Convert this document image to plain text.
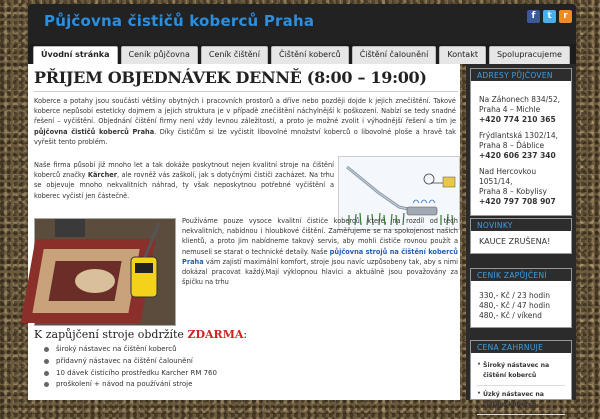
Půjčovna čističů koberců Praha	f	t	r
Úvodní stránka	Ceník půjčovna	Ceník čištění	Čištění koberců	Čištění čalounění	Kontakt	Spolupracujeme
PŘIJEM OBJEDNÁVEK DENNĚ (8:00 – 19:00)

Koberce a potahy jsou součástí většiny obytných i pracovních prostorů a dříve nebo později dojde k jejich znečištění. Takové koberce nepůsobí esteticky dojmem a jejich struktura je v případě znečištění náchylnější k poškození. Nabízí se tedy snadné řešení – vyčištění. Objednání čištění firmy není vždy levnou záležitostí, a proto je možné zvolit i výhodnější řešení a tím je půjčovna čističů koberců Praha. Díky čističům si lze vyčistit libovolné množství koberců o libovolné ploše a hravě tak vyřešit tento problém.

Naše firma působí již mnoho let a tak dokáže poskytnout nejen kvalitní stroje na čištění koberců značky Kärcher, ale rovněž vás zaškolí, jak s dotyčnými čističi zacházet. Na trhu se objevuje mnoho nekvalitních náhrad, ty však neposkytnou potřebné vyčištění a koberec vyčistí jen částečně.

Používáme pouze vysoce kvalitní čističe koberců, které, na rozdíl od těch nekvalitních, nabídnou i hloubkové čištění. Zaměřujeme se na spokojenost našich klientů, a proto jim nabídneme takový servis, aby mohli čističe rovnou použít a nemuseli se starat o technické detaily. Naše půjčovna strojů na čištění koberců Praha vám zajistí maximální komfort, stroje jsou navíc uzpůsobeny tak, aby s nimi dokázal pracovat každý.Mají výklopnou hlavici a aktuálně jsou považovány za špičku na trhu

K zapůjčení stroje obdržíte ZDARMA:
široký nástavec na čištění koberců
přídavný nástavec na čištění čalounění
10 dávek čisticího prostředku Karcher RM 760
proškolení + návod na používání stroje
ADRESY PŮJČOVEN
Na Záhonech 834/52,
Praha 4 – Michle
+420 774 210 365
Frýdlantská 1302/14,
Praha 8 – Ďáblice
+420 606 237 340
Nad Hercovkou 1051/14,
Praha 8 – Kobylisy
+420 797 708 907
NOVINKY
KAUCE ZRUŠENA!
CENÍK ZAPŮJČENÍ
330,- Kč / 23 hodin
480,- Kč / 47 hodin
480,- Kč / víkend
CENA ZAHRNUJE
• Široký nástavec na čištění koberců
• Úzký nástavec na čištění koberců
